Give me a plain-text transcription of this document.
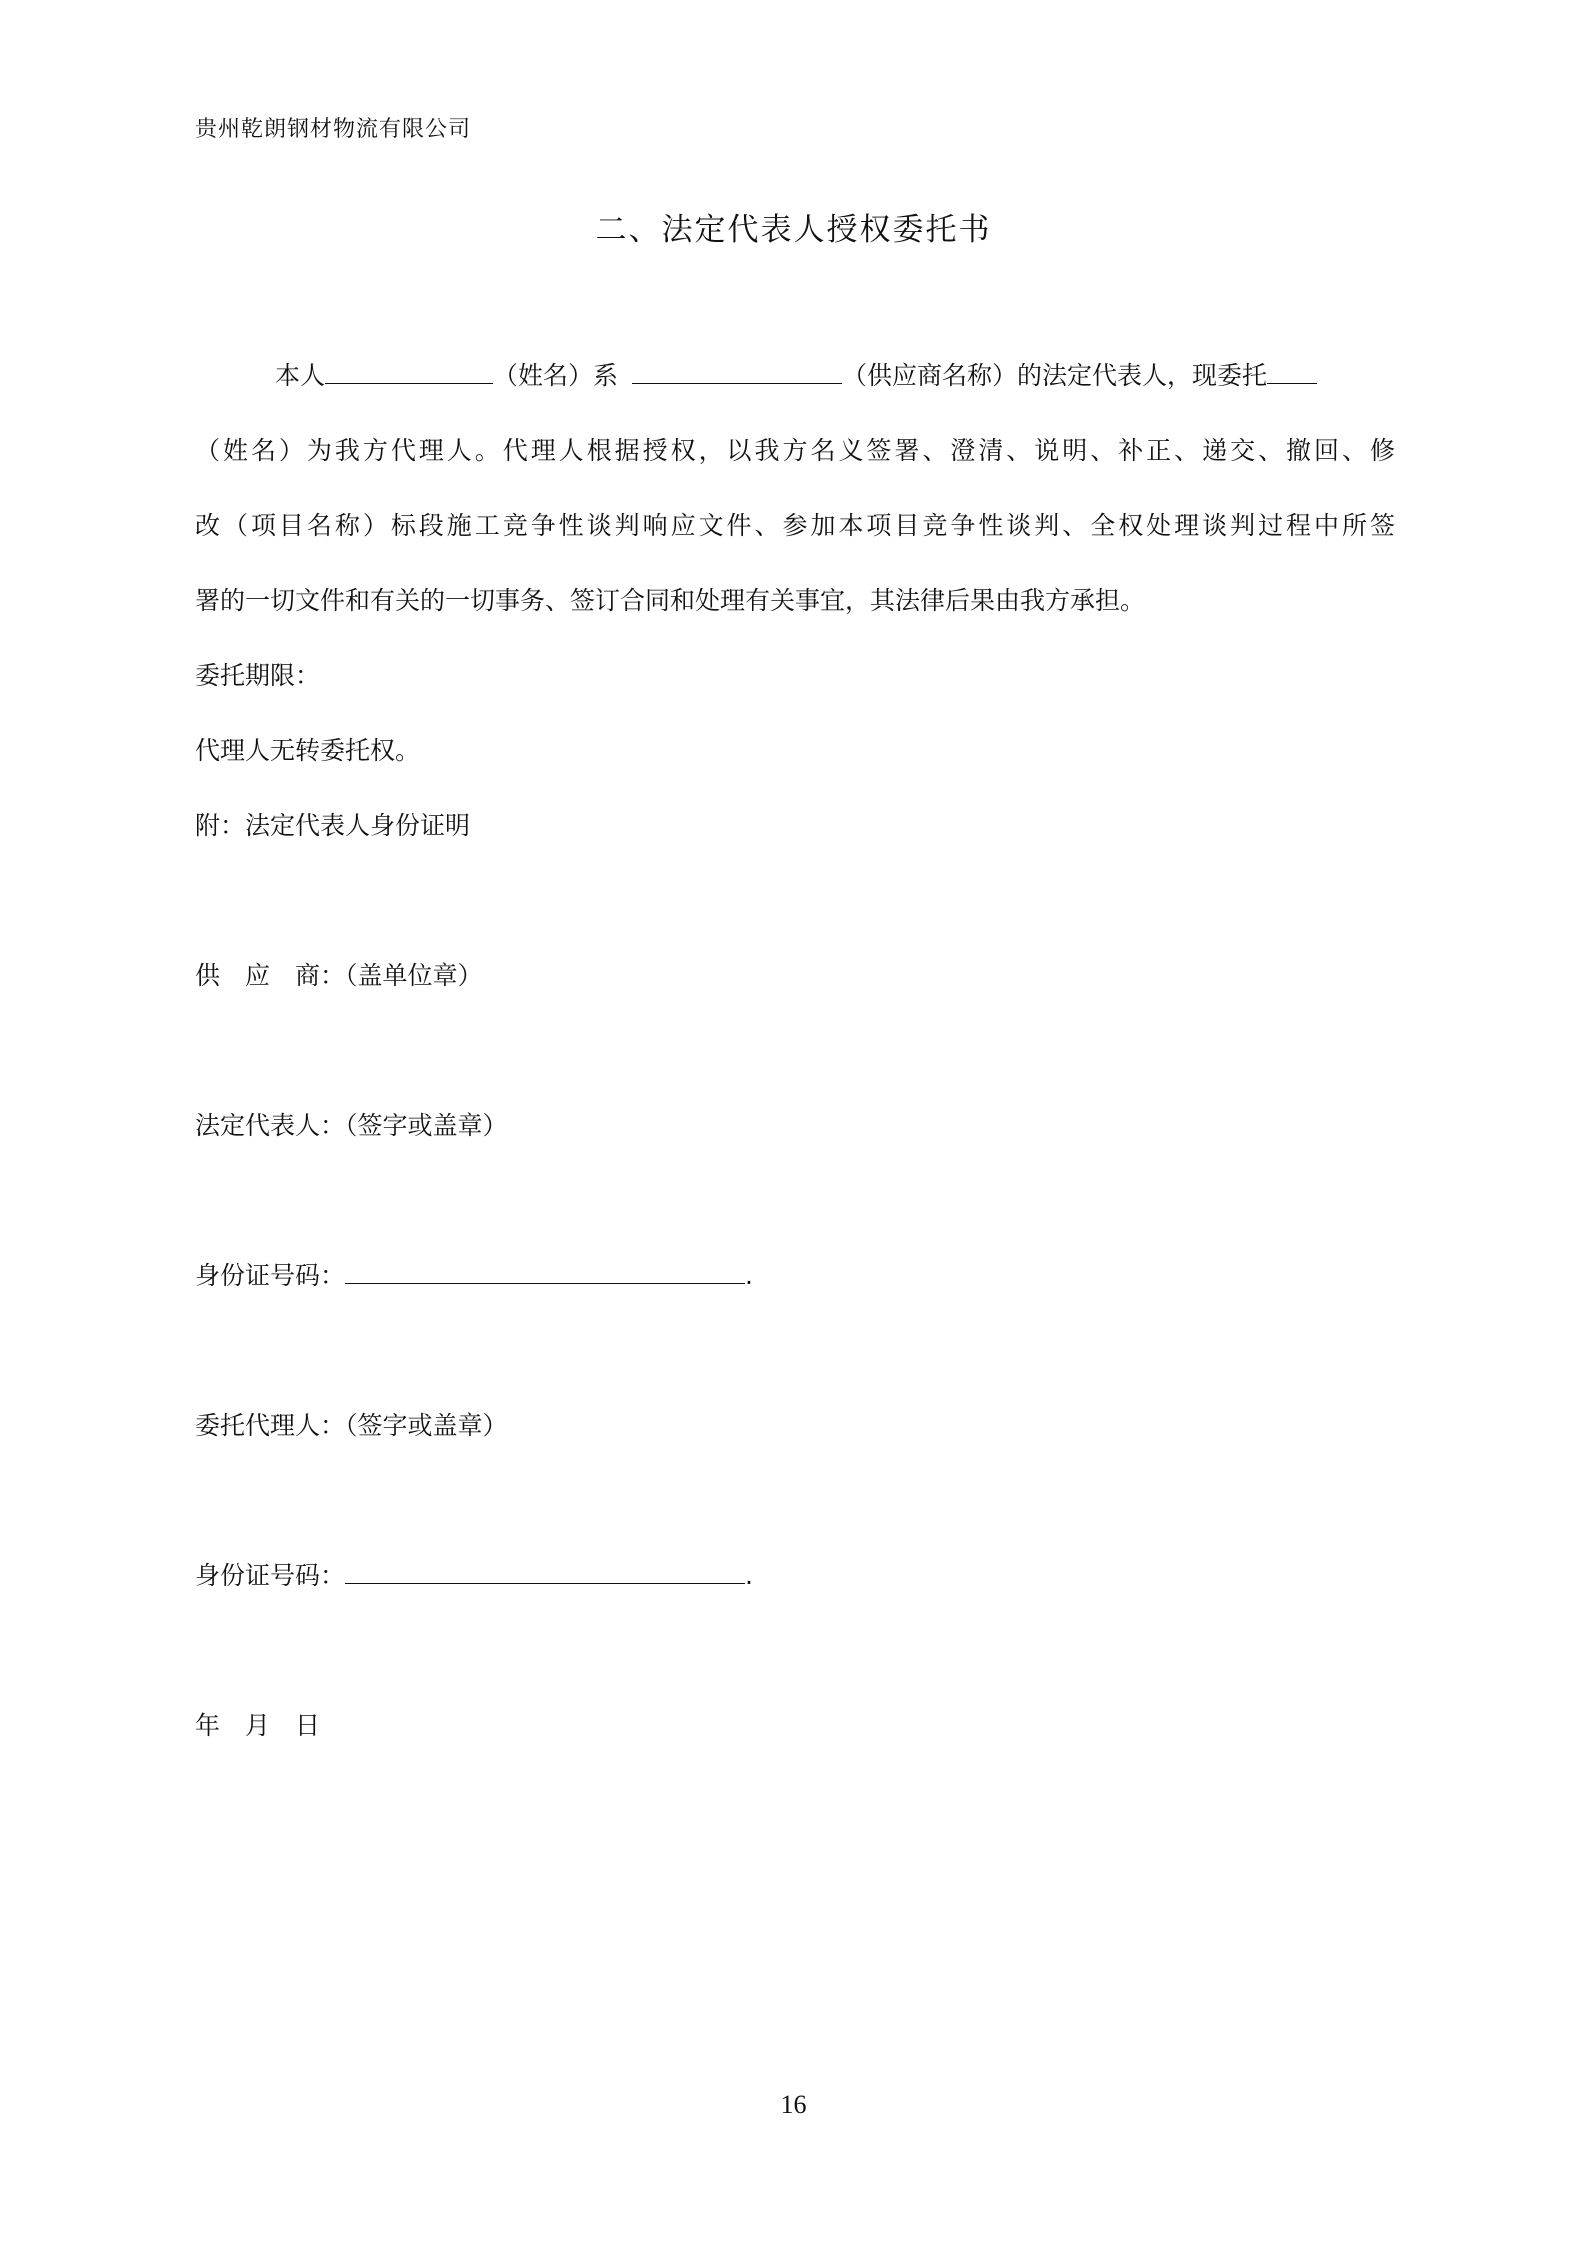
贵州乾朗钢材物流有限公司
二、法定代表人授权委托书
本人	（姓名）系	（供应商名称）的法定代表人，现委托
（姓名）为我方代理人。代理人根据授权，以我方名义签署、澄清、说明、补正、递交、撤回、修
改（项目名称）标段施工竞争性谈判响应文件、参加本项目竞争性谈判、全权处理谈判过程中所签
署的一切文件和有关的一切事务、签订合同和处理有关事宜，其法律后果由我方承担。
委托期限：
代理人无转委托权。
附：法定代表人身份证明
供　应　商：（盖单位章）
法定代表人：（签字或盖章）
身份证号码：	.
委托代理人：（签字或盖章）
身份证号码：	.
年　月　日
16
